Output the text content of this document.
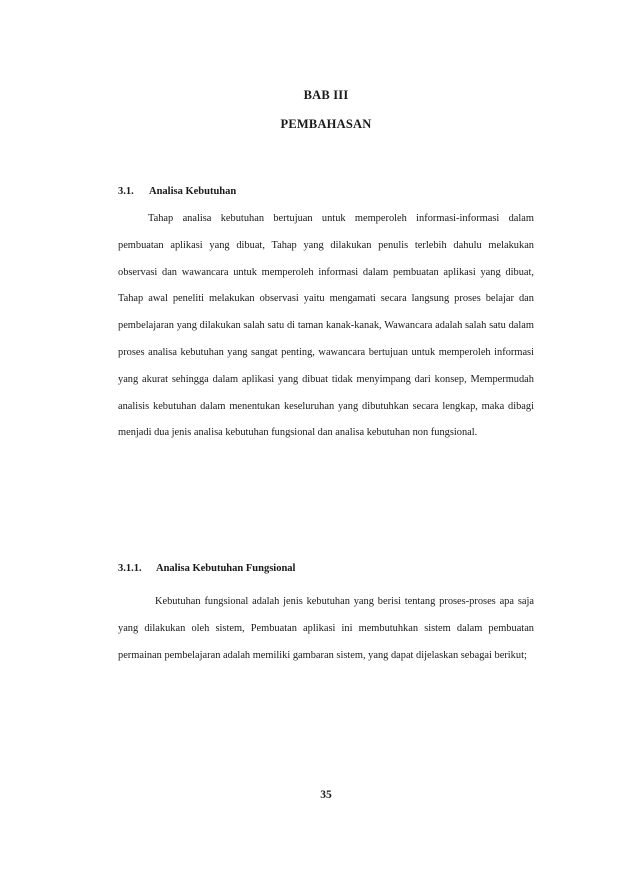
BAB III
PEMBAHASAN
3.1. Analisa Kebutuhan

Tahap analisa kebutuhan bertujuan untuk memperoleh informasi-informasi dalam pembuatan aplikasi yang dibuat, Tahap yang dilakukan penulis terlebih dahulu melakukan observasi dan wawancara untuk memperoleh informasi dalam pembuatan aplikasi yang dibuat, Tahap awal peneliti melakukan observasi yaitu mengamati secara langsung proses belajar dan pembelajaran yang dilakukan salah satu di taman kanak-kanak, Wawancara adalah salah satu dalam proses analisa kebutuhan yang sangat penting, wawancara bertujuan untuk memperoleh informasi yang akurat sehingga dalam aplikasi yang dibuat tidak menyimpang dari konsep, Mempermudah analisis kebutuhan dalam menentukan keseluruhan yang dibutuhkan secara lengkap, maka dibagi menjadi dua jenis analisa kebutuhan fungsional dan analisa kebutuhan non fungsional.

3.1.1. Analisa Kebutuhan Fungsional

Kebutuhan fungsional adalah jenis kebutuhan yang berisi tentang proses-proses apa saja yang dilakukan oleh sistem, Pembuatan aplikasi ini membutuhkan sistem dalam pembuatan permainan pembelajaran adalah memiliki gambaran sistem, yang dapat dijelaskan sebagai berikut;

35
